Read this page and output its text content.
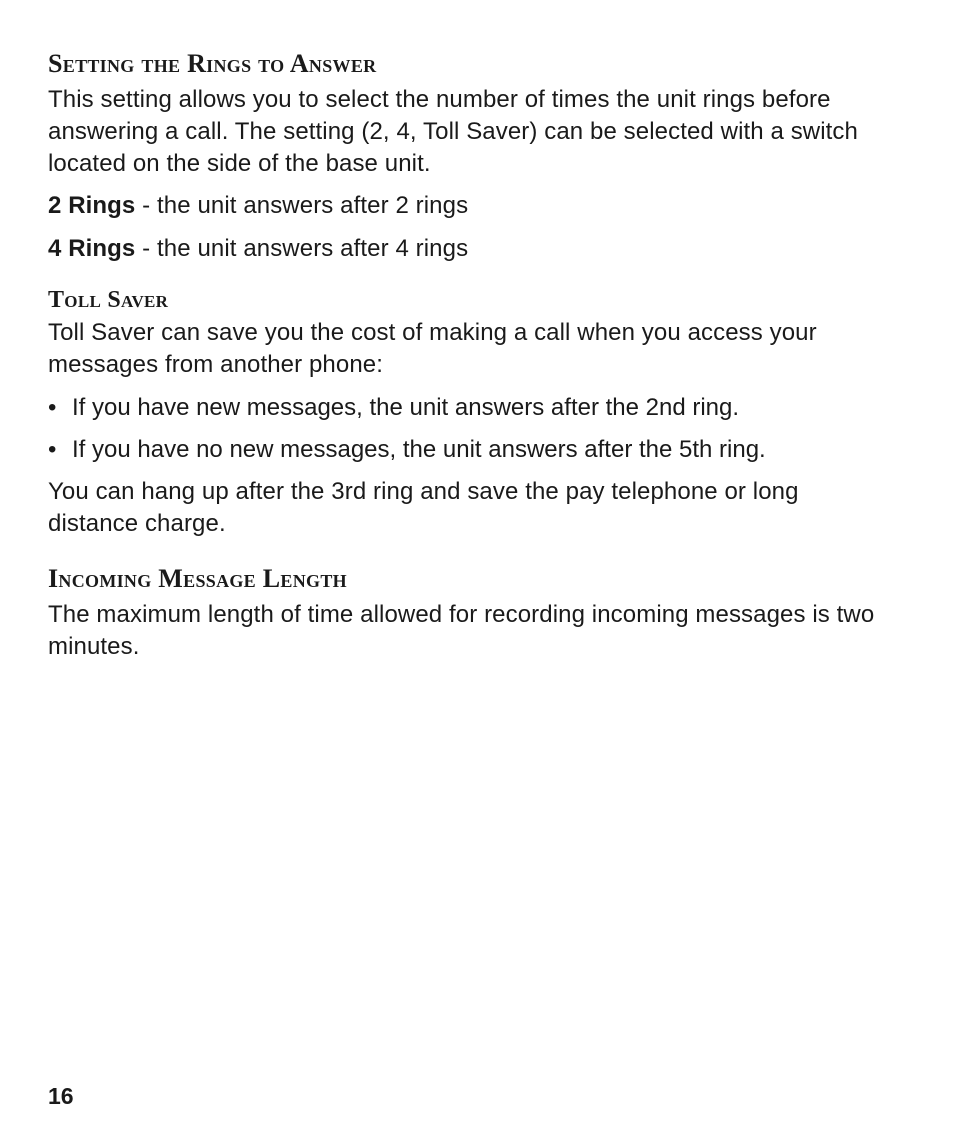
Setting the Rings to Answer

This setting allows you to select the number of times the unit rings before answering a call. The setting (2, 4, Toll Saver) can be selected with a switch located on the side of the base unit.

2 Rings - the unit answers after 2 rings

4 Rings - the unit answers after 4 rings

Toll Saver

Toll Saver can save you the cost of making a call when you access your messages from another phone:

• If you have new messages, the unit answers after the 2nd ring.
• If you have no new messages, the unit answers after the 5th ring.

You can hang up after the 3rd ring and save the pay telephone or long distance charge.

Incoming Message Length

The maximum length of time allowed for recording incoming messages is two minutes.

16
